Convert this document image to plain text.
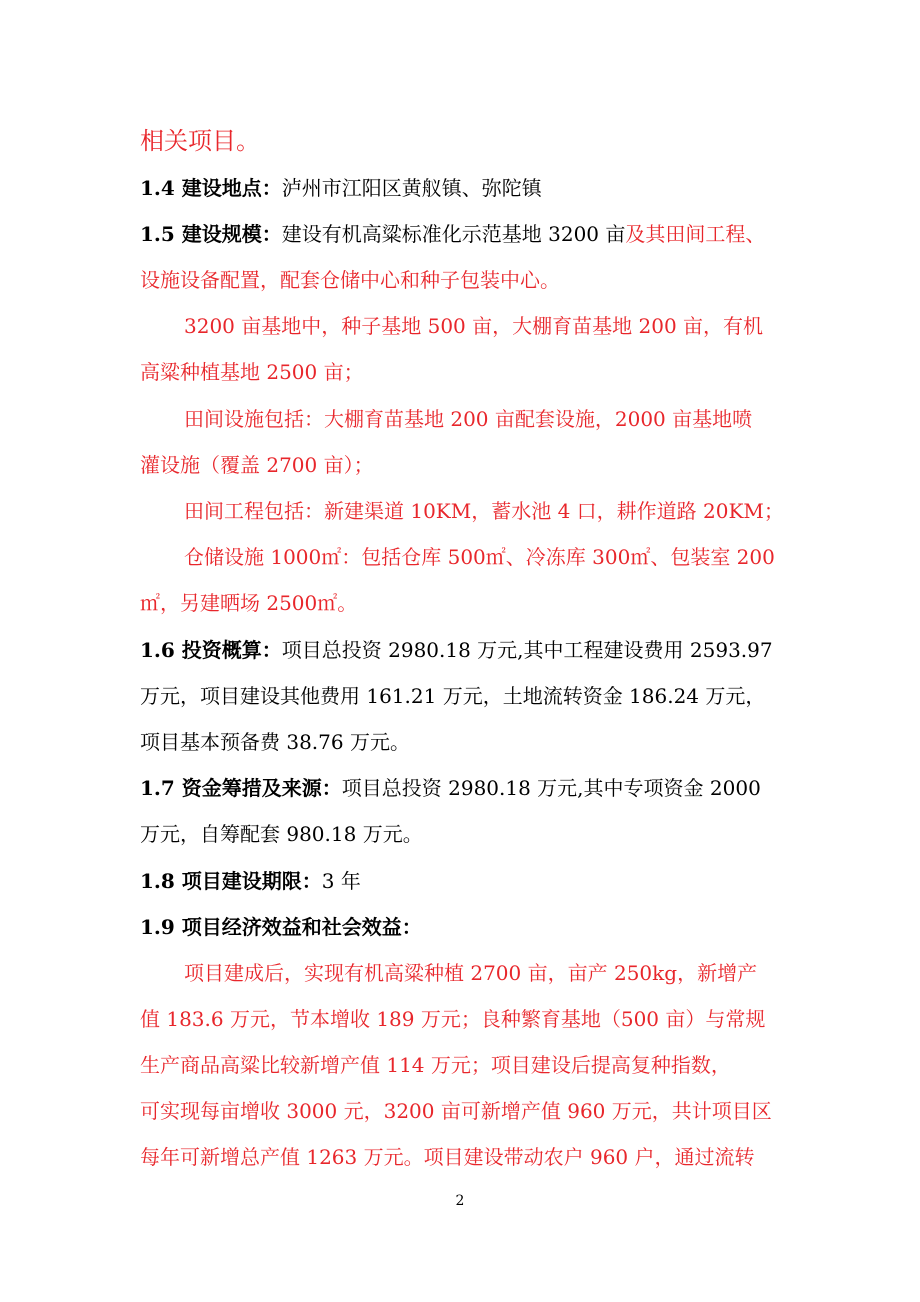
相关项目。
1.4 建设地点：泸州市江阳区黄舣镇、弥陀镇
1.5 建设规模：建设有机高粱标准化示范基地 3200 亩及其田间工程、
设施设备配置，配套仓储中心和种子包装中心。
3200 亩基地中，种子基地 500 亩，大棚育苗基地 200 亩，有机
高粱种植基地 2500 亩；
田间设施包括：大棚育苗基地 200 亩配套设施，2000 亩基地喷
灌设施（覆盖 2700 亩）；
田间工程包括：新建渠道 10KM，蓄水池 4 口，耕作道路 20KM；
仓储设施 1000㎡：包括仓库 500㎡、冷冻库 300㎡、包装室 200
㎡，另建晒场 2500㎡。
1.6 投资概算：项目总投资 2980.18 万元,其中工程建设费用 2593.97
万元，项目建设其他费用 161.21 万元，土地流转资金 186.24 万元，
项目基本预备费 38.76 万元。
1.7 资金筹措及来源：项目总投资 2980.18 万元,其中专项资金 2000
万元，自筹配套 980.18 万元。
1.8 项目建设期限：3 年
1.9 项目经济效益和社会效益：
项目建成后，实现有机高粱种植 2700 亩，亩产 250kg，新增产
值 183.6 万元，节本增收 189 万元；良种繁育基地（500 亩）与常规
生产商品高粱比较新增产值 114 万元；项目建设后提高复种指数，
可实现每亩增收 3000 元，3200 亩可新增产值 960 万元，共计项目区
每年可新增总产值 1263 万元。项目建设带动农户 960 户，通过流转
2
